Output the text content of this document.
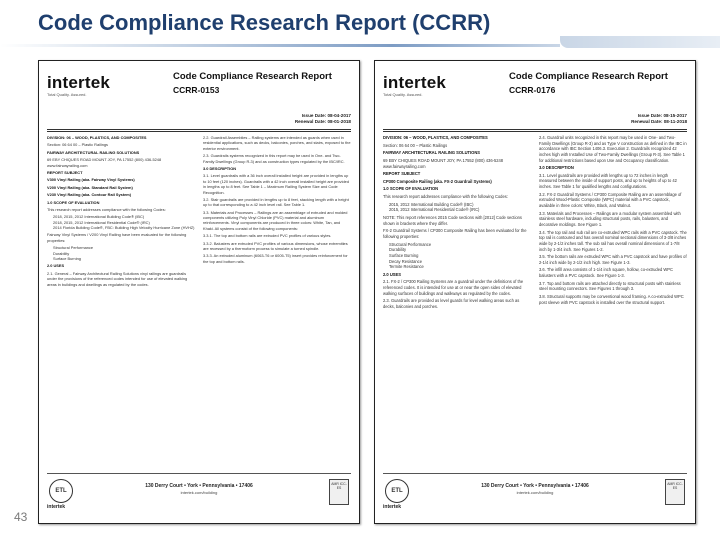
Code Compliance Research Report (CCRR)
intertek
Total Quality. Assured.
Code Compliance Research Report
CCRR-0153
Issue Date: 08-04-2017
Renewal Date: 08-01-2018

DIVISION: 06 – WOOD, PLASTICS, AND COMPOSITES

Section: 06 64 00 – Plastic Railings

FAIRWAY ARCHITECTURAL RAILING SOLUTIONS

69 EBY CHIQUES ROAD MOUNT JOY, PA 17552 (800) 436-5248 www.fairwayrailing.com

REPORT SUBJECT

V300 Vinyl Railing (aka. Fairway Vinyl Systems)

V200 Vinyl Railing (aka. Standard Rail System)

V230 Vinyl Railing (aka. Contour Rail System)

1.0 SCOPE OF EVALUATION

This research report addresses compliance with the following Codes:

• 2018, 2015, 2012 International Building Code® (IBC)
• 2018, 2015, 2012 International Residential Code® (IRC)
• 2014 Florida Building Code®, FBC: Building High Velocity Hurricane Zone (HVHZ)

Fairway Vinyl Systems / V200 Vinyl Railing have been evaluated for the following properties:

• Structural Performance
• Durability
• Surface Burning

2.0 USES

2.1. General – Fairway Architectural Railing Solutions vinyl railings are guardrails under the provisions of the referenced codes intended for use of elevated walking areas in buildings and dwellings as regulated by the codes.

2.2. Guardrail Assemblies – Railing systems are intended as guards when used in residential applications, such as decks, balconies, porches, and stairs, exposed to the exterior environment.

2.3. Guardrails systems recognized in this report may be used in One- and Two-Family Dwellings (Group R-3) and as construction types regulated by the IBC/IRC.

3.0 DESCRIPTION

3.1. Level guardrails with a 36 inch overall installed height are provided in lengths up to 10 feet (120 inches). Guardrails with a 42 inch overall installed height are provided in lengths up to 8 feet. See Table 1 – Maximum Railing System Size and Code Recognition.

3.2. Stair guardrails are provided in lengths up to 8 feet, stacking length with a height up to that corresponding to a 42 inch level rail. See Table 1.

3.3. Materials and Processes – Railings are an assemblage of extruded and molded components utilizing Poly Vinyl Chloride (PVC) material and aluminum reinforcements. Vinyl components are produced in three colors: White, Tan, and Khaki. All systems consist of the following components:

3.3.1. The top and bottom rails are extruded PVC profiles of various styles.

3.3.2. Balusters are extruded PVC profiles of various dimensions, whose extremities are recessed by a thermoform process to simulate a turned spindle.

3.3.3. An extruded aluminum (6063-T6 or 6005-T5) insert provides reinforcement for the top and bottom rails.

ETL
intertek
130 Derry Court • York • Pennsylvania • 17406
intertek.com/building
AMR ICC-ES
intertek
Total Quality. Assured.
Code Compliance Research Report
CCRR-0176
Issue Date: 08-15-2017
Renewal Date: 08-11-2018

DIVISION: 06 – WOOD, PLASTICS, AND COMPOSITES

Section: 06 64 00 – Plastic Railings

FAIRWAY ARCHITECTURAL RAILING SOLUTIONS

69 EBY CHIQUES ROAD MOUNT JOY, PA 17552 (800) 436-5248 www.fairwayrailing.com

REPORT SUBJECT

CP300 Composite Railing (aka. FX-2 Guardrail Systems)

1.0 SCOPE OF EVALUATION

This research report addresses compliance with the following Codes:

• 2015, 2012 International Building Code® (IBC)
• 2015, 2012 International Residential Code® (IRC)

NOTE: This report references 2015 Code sections with [2012] Code sections shown in brackets where they differ.

FX-2 Guardrail Systems / CP300 Composite Railing has been evaluated for the following properties:

• Structural Performance
• Durability
• Surface Burning
• Decay Resistance
• Termite Resistance

2.0 USES

2.1. FX-2 / CP300 Railing Systems are a guardrail under the definitions of the referenced codes. It is intended for use at or near the open sides of elevated walking surfaces of buildings and walkways as regulated by the codes.

2.3. Guardrails are provided as level guards for level walking areas such as decks, balconies and porches.

2.4. Guardrail units recognized in this report may be used in One- and Two-Family Dwellings (Group R-3) and as Type V construction as defined in the IBC in accordance with IBC Section 1406.3. Execution 2. Guardrails recognized 42 inches high with Installed Use of Two-Family Dwellings (Group R-3). See Table 1 for additional restrictions based upon Use and Occupancy classification.

3.0 DESCRIPTION

3.1. Level guardrails are provided with lengths up to 72 inches in length measured between the inside of support posts, and up to heights of up to 42 inches. See Table 1 for qualified lengths and configurations.

3.2. FX-2 Guardrail Systems / CP300 Composite Railing are an assemblage of extruded Wood-Plastic Composite (WPC) material with a PVC capstock, available in three colors: White, Black, and Walnut.

3.3. Materials and Processes – Railings are a modular system assembled with stainless steel hardware, including structural posts, rails, balusters, and decorative moldings. See Figure 1.

3.4. The top rail and sub rail are co-extruded WPC rails with a PVC capstock. The top rail is contoured and has overall nominal sectional dimensions of 3-3/8 inches wide by 2-1/2 inches tall. The sub rail has overall nominal dimensions of 1-7/8 inch by 1-3/4 inch. See Figures 1-2.

3.5. The bottom rails are extruded WPC with a PVC capstock and have profiles of 2-1/4 inch wide by 2-1/2 inch high. See Figure 1-3.

3.6. The infill area consists of 1-1/4 inch square, hollow, co-extruded WPC balusters with a PVC capstock. See Figure 1-3.

3.7. Top and bottom rails are attached directly to structural posts with stainless steel mounting connectors. See Figures 1 through 3.

3.8. Structural supports may be conventional wood framing. A co-extruded WPC post sleeve with PVC capstock is installed over the structural support.

ETL
intertek
130 Derry Court • York • Pennsylvania • 17406
intertek.com/building
AMR ICC-ES
43
